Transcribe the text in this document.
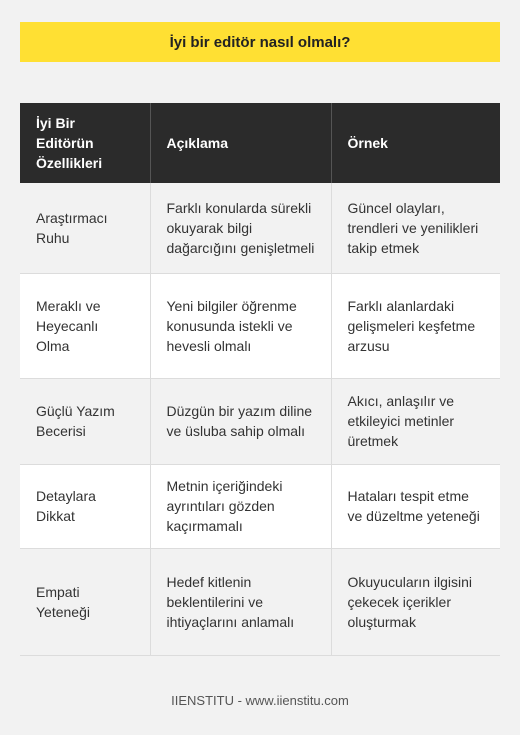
İyi bir editör nasıl olmalı?
İyi Bir Editörün Özellikleri	Açıklama	Örnek
Araştırmacı Ruhu	Farklı konularda sürekli okuyarak bilgi dağarcığını genişletmeli	Güncel olayları, trendleri ve yenilikleri takip etmek
Meraklı ve Heyecanlı Olma	Yeni bilgiler öğrenme konusunda istekli ve hevesli olmalı	Farklı alanlardaki gelişmeleri keşfetme arzusu
Güçlü Yazım Becerisi	Düzgün bir yazım diline ve üsluba sahip olmalı	Akıcı, anlaşılır ve etkileyici metinler üretmek
Detaylara Dikkat	Metnin içeriğindeki ayrıntıları gözden kaçırmamalı	Hataları tespit etme ve düzeltme yeteneği
Empati Yeteneği	Hedef kitlenin beklentilerini ve ihtiyaçlarını anlamalı	Okuyucuların ilgisini çekecek içerikler oluşturmak
IIENSTITU - www.iienstitu.com
